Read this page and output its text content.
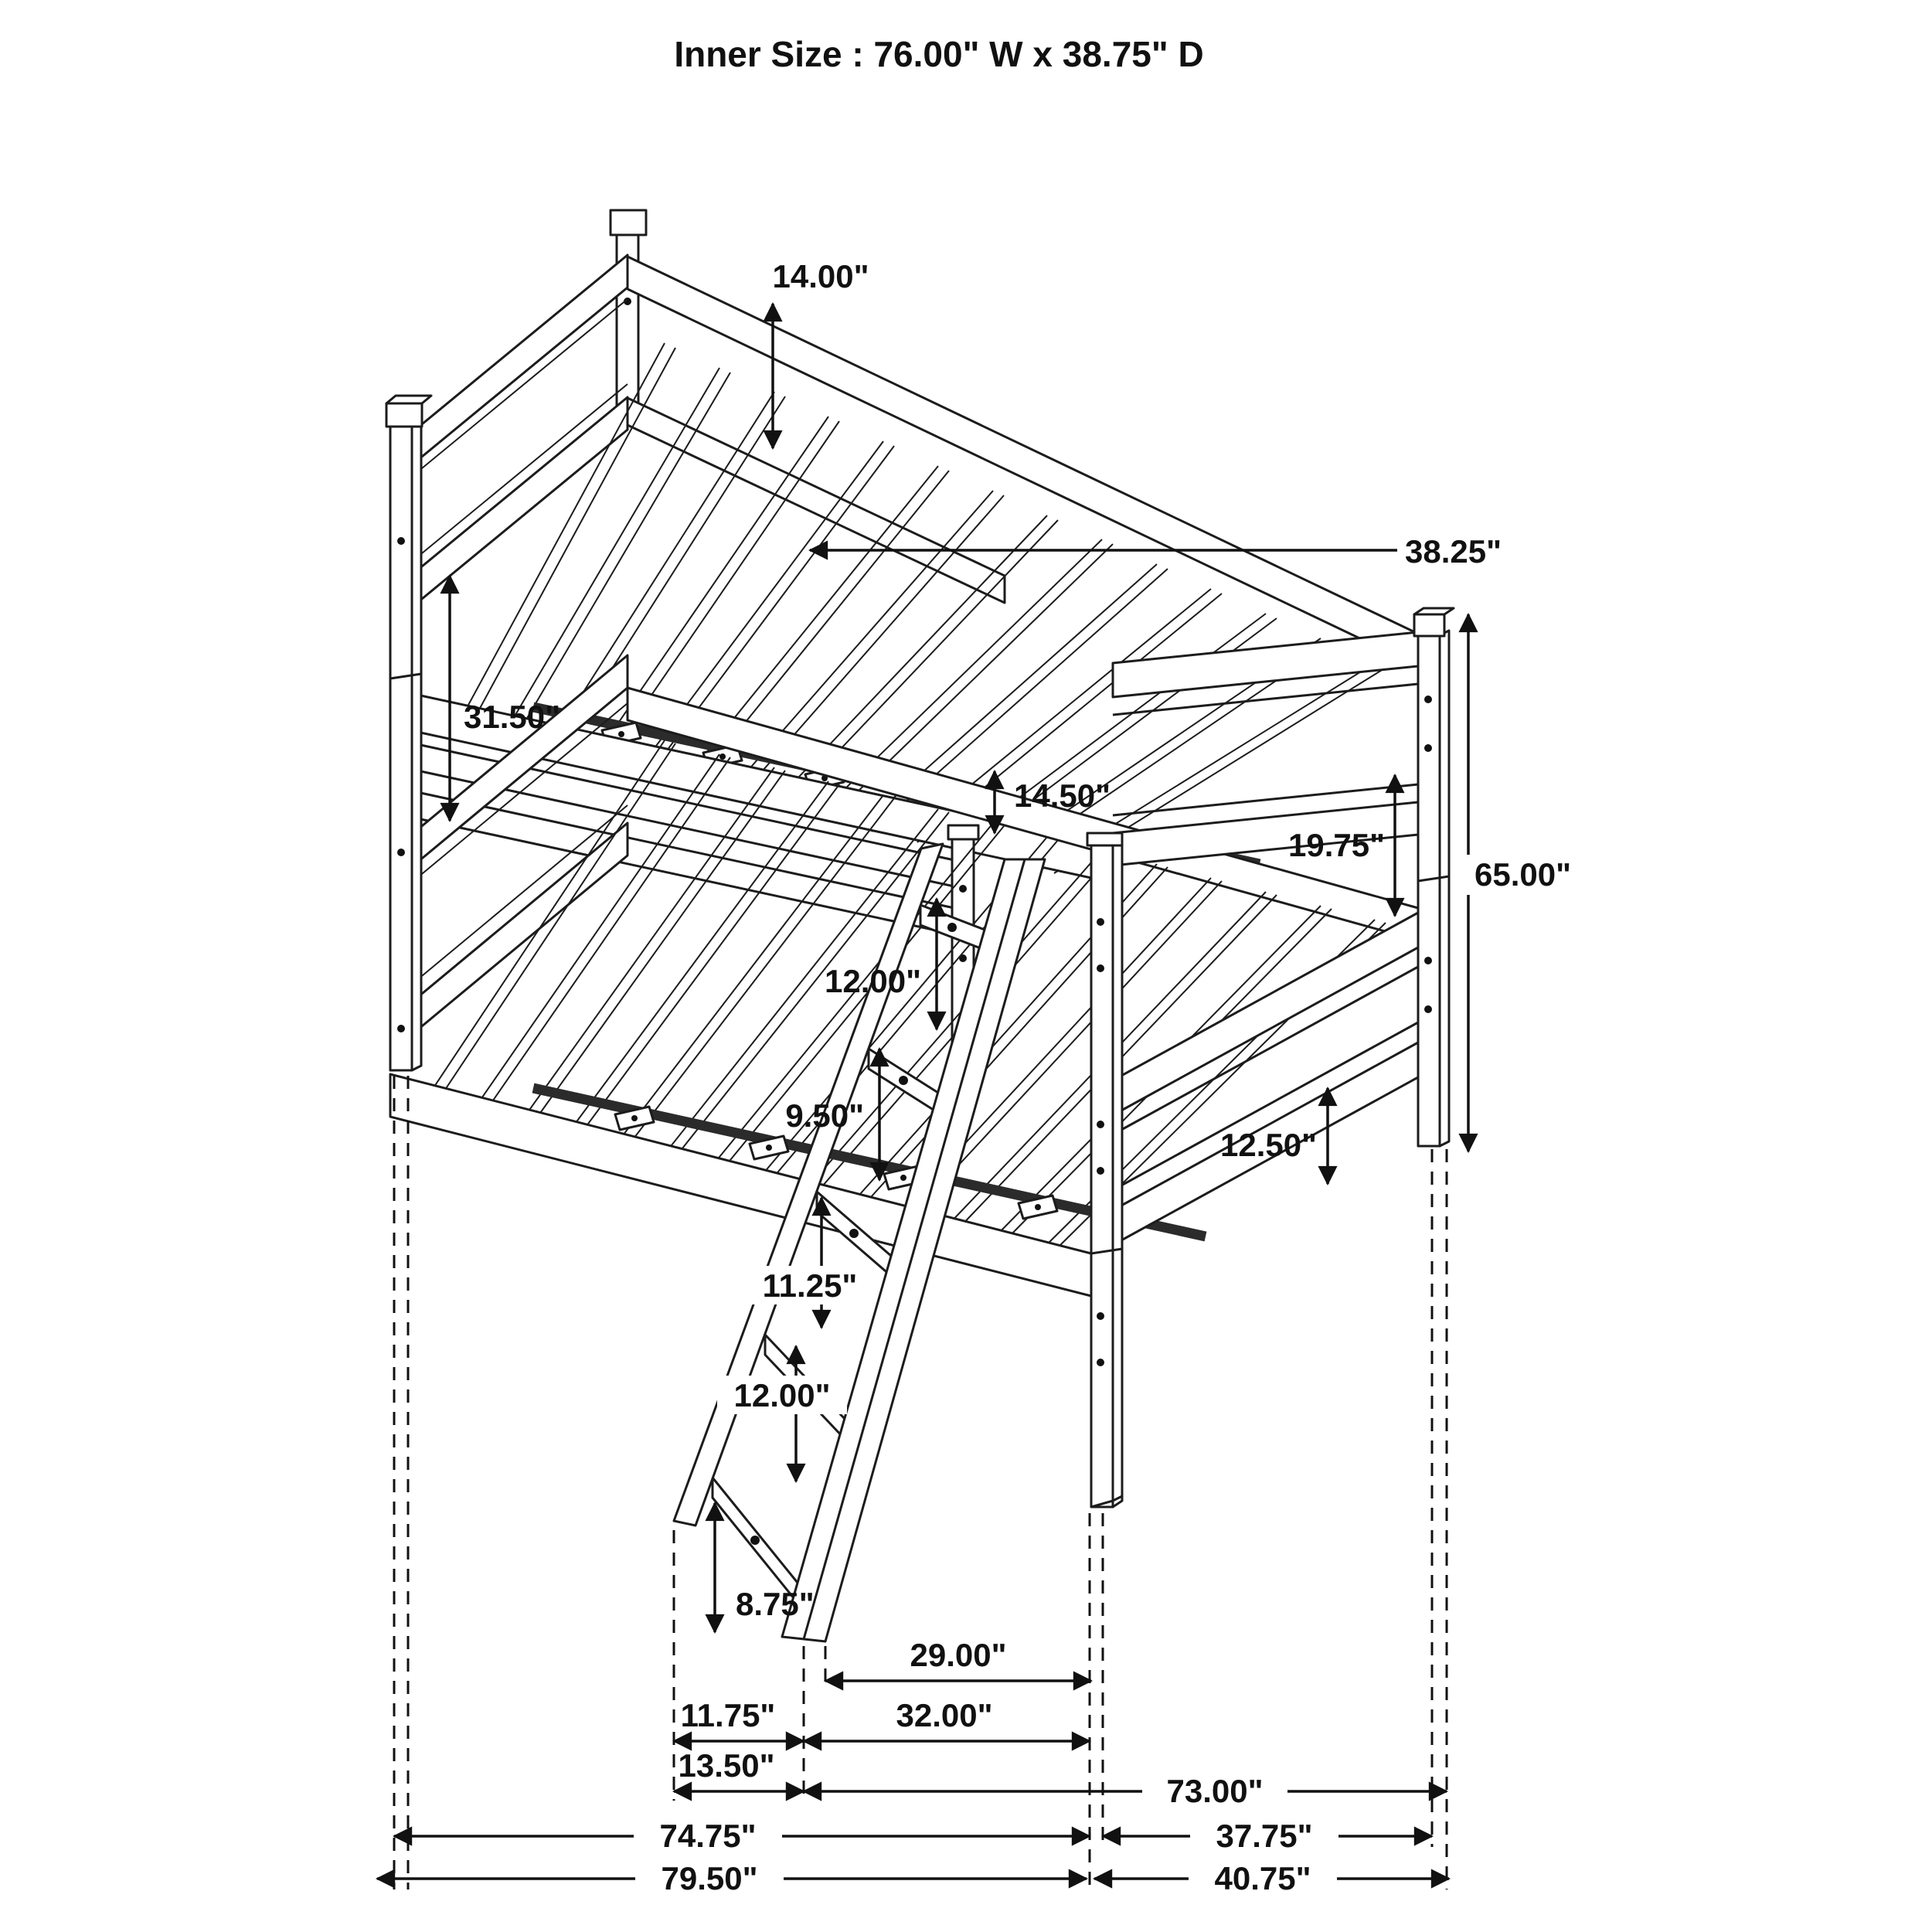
Inner Size : 76.00" W x 38.75" D
14.00"
38.25"
31.50"
14.50"
19.75"
65.00"
12.00"
9.50"
11.25"
12.00"
12.50"
8.75"
29.00"
11.75"	32.00"
13.50"
73.00"
74.75"	37.75"
79.50"	40.75"
